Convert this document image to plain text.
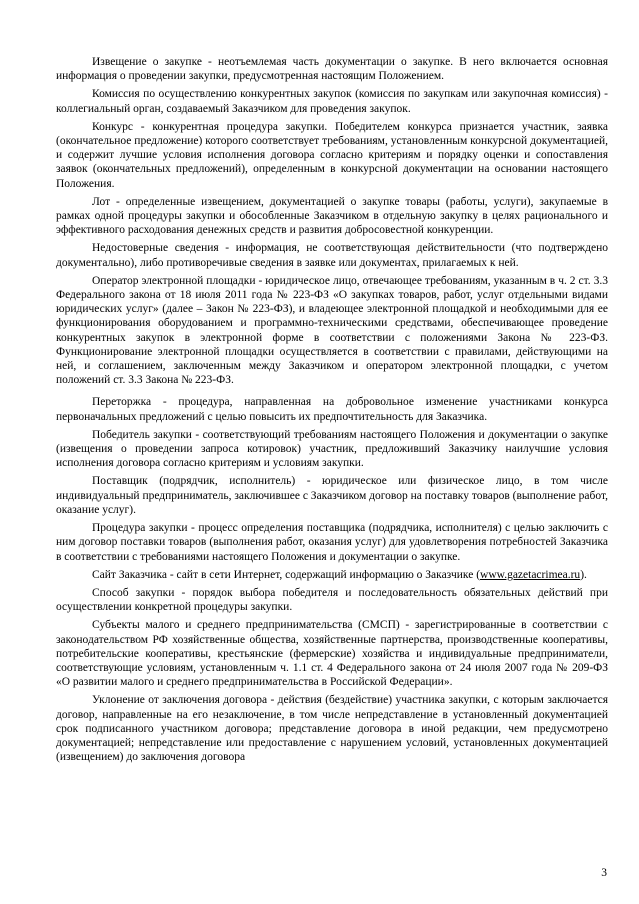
Извещение о закупке - неотъемлемая часть документации о закупке. В него включается основная информация о проведении закупки, предусмотренная настоящим Положением.

Комиссия по осуществлению конкурентных закупок (комиссия по закупкам или закупочная комиссия) - коллегиальный орган, создаваемый Заказчиком для проведения закупок.

Конкурс - конкурентная процедура закупки. Победителем конкурса признается участник, заявка (окончательное предложение) которого соответствует требованиям, установленным конкурсной документацией, и содержит лучшие условия исполнения договора согласно критериям и порядку оценки и сопоставления заявок (окончательных предложений), определенным в конкурсной документации на основании настоящего Положения.

Лот - определенные извещением, документацией о закупке товары (работы, услуги), закупаемые в рамках одной процедуры закупки и обособленные Заказчиком в отдельную закупку в целях рационального и эффективного расходования денежных средств и развития добросовестной конкуренции.

Недостоверные сведения - информация, не соответствующая действительности (что подтверждено документально), либо противоречивые сведения в заявке или документах, прилагаемых к ней.

Оператор электронной площадки - юридическое лицо, отвечающее требованиям, указанным в ч. 2 ст. 3.3 Федерального закона от 18 июля 2011 года № 223-ФЗ «О закупках товаров, работ, услуг отдельными видами юридических услуг» (далее – Закон № 223-ФЗ), и владеющее электронной площадкой и необходимыми для ее функционирования оборудованием и программно-техническими средствами, обеспечивающее проведение конкурентных закупок в электронной форме в соответствии с положениями Закона № 223-ФЗ. Функционирование электронной площадки осуществляется в соответствии с правилами, действующими на ней, и соглашением, заключенным между Заказчиком и оператором электронной площадки, с учетом положений ст. 3.3 Закона № 223-ФЗ.

Переторжка - процедура, направленная на добровольное изменение участниками конкурса первоначальных предложений с целью повысить их предпочтительность для Заказчика.

Победитель закупки - соответствующий требованиям настоящего Положения и документации о закупке (извещения о проведении запроса котировок) участник, предложивший Заказчику наилучшие условия исполнения договора согласно критериям и условиям закупки.

Поставщик (подрядчик, исполнитель) - юридическое или физическое лицо, в том числе индивидуальный предприниматель, заключившее с Заказчиком договор на поставку товаров (выполнение работ, оказание услуг).

Процедура закупки - процесс определения поставщика (подрядчика, исполнителя) с целью заключить с ним договор поставки товаров (выполнения работ, оказания услуг) для удовлетворения потребностей Заказчика в соответствии с требованиями настоящего Положения и документации о закупке.

Сайт Заказчика - сайт в сети Интернет, содержащий информацию о Заказчике (www.gazetacrimea.ru).

Способ закупки - порядок выбора победителя и последовательность обязательных действий при осуществлении конкретной процедуры закупки.

Субъекты малого и среднего предпринимательства (СМСП) - зарегистрированные в соответствии с законодательством РФ хозяйственные общества, хозяйственные партнерства, производственные кооперативы, потребительские кооперативы, крестьянские (фермерские) хозяйства и индивидуальные предприниматели, соответствующие условиям, установленным ч. 1.1 ст. 4 Федерального закона от 24 июля 2007 года № 209-ФЗ «О развитии малого и среднего предпринимательства в Российской Федерации».

Уклонение от заключения договора - действия (бездействие) участника закупки, с которым заключается договор, направленные на его незаключение, в том числе непредставление в установленный документацией срок подписанного участником договора; представление договора в иной редакции, чем предусмотрено документацией; непредставление или предоставление с нарушением условий, установленных документацией (извещением) до заключения договора

3
